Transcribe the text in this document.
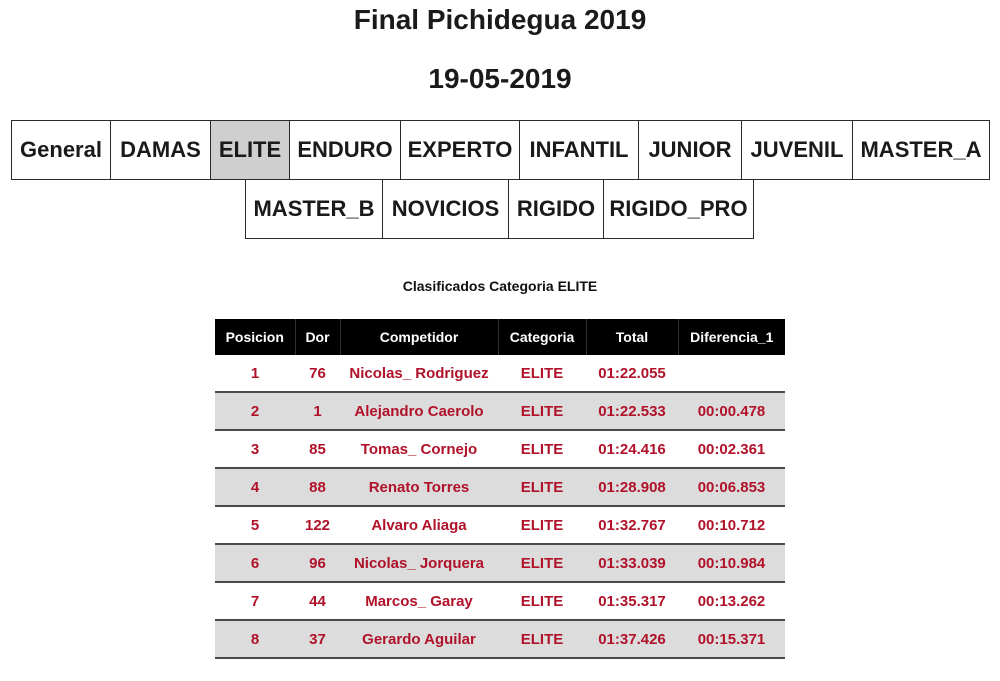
Final Pichidegua 2019
19-05-2019
General DAMAS ELITE ENDURO EXPERTO INFANTIL JUNIOR JUVENIL MASTER_A
MASTER_B NOVICIOS RIGIDO RIGIDO_PRO
Clasificados Categoria ELITE
Posicion	Dor	Competidor	Categoria	Total	Diferencia_1
1	76	Nicolas_ Rodriguez	ELITE	01:22.055	
2	1	Alejandro Caerolo	ELITE	01:22.533	00:00.478
3	85	Tomas_ Cornejo	ELITE	01:24.416	00:02.361
4	88	Renato Torres	ELITE	01:28.908	00:06.853
5	122	Alvaro Aliaga	ELITE	01:32.767	00:10.712
6	96	Nicolas_ Jorquera	ELITE	01:33.039	00:10.984
7	44	Marcos_ Garay	ELITE	01:35.317	00:13.262
8	37	Gerardo Aguilar	ELITE	01:37.426	00:15.371
